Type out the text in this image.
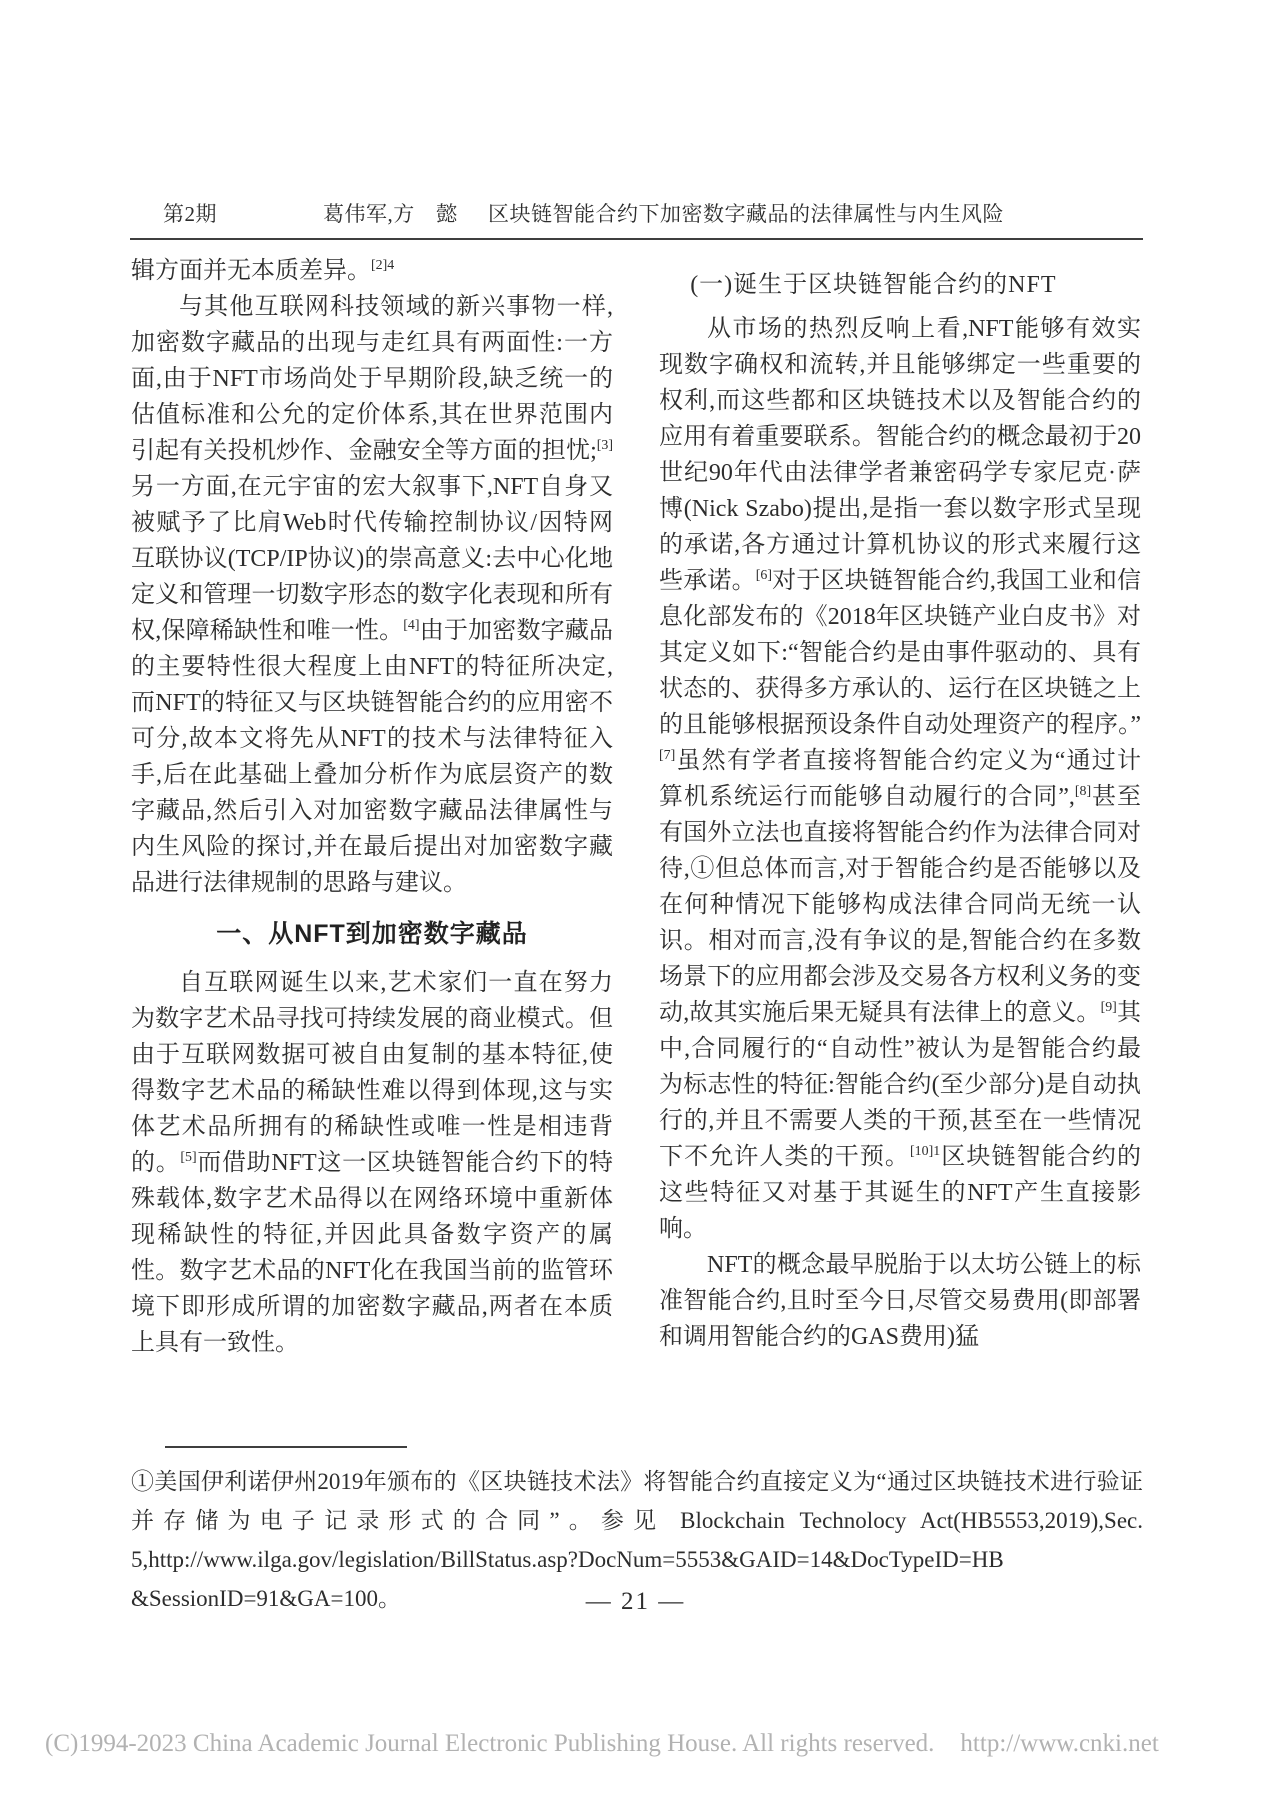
第2期	葛伟军,方　懿 区块链智能合约下加密数字藏品的法律属性与内生风险

辑方面并无本质差异。$^{[2]4}$

与其他互联网科技领域的新兴事物一样,加密数字藏品的出现与走红具有两面性:一方面,由于NFT市场尚处于早期阶段,缺乏统一的估值标准和公允的定价体系,其在世界范围内引起有关投机炒作、金融安全等方面的担忧;[3]另一方面,在元宇宙的宏大叙事下,NFT自身又被赋予了比肩Web时代传输控制协议/因特网互联协议(TCP/IP协议)的崇高意义:去中心化地定义和管理一切数字形态的数字化表现和所有权,保障稀缺性和唯一性。[4]由于加密数字藏品的主要特性很大程度上由NFT的特征所决定,而NFT的特征又与区块链智能合约的应用密不可分,故本文将先从NFT的技术与法律特征入手,后在此基础上叠加分析作为底层资产的数字藏品,然后引入对加密数字藏品法律属性与内生风险的探讨,并在最后提出对加密数字藏品进行法律规制的思路与建议。

一、从NFT到加密数字藏品

自互联网诞生以来,艺术家们一直在努力为数字艺术品寻找可持续发展的商业模式。但由于互联网数据可被自由复制的基本特征,使得数字艺术品的稀缺性难以得到体现,这与实体艺术品所拥有的稀缺性或唯一性是相违背的。[5]而借助NFT这一区块链智能合约下的特殊载体,数字艺术品得以在网络环境中重新体现稀缺性的特征,并因此具备数字资产的属性。数字艺术品的NFT化在我国当前的监管环境下即形成所谓的加密数字藏品,两者在本质上具有一致性。

(一)诞生于区块链智能合约的NFT

从市场的热烈反响上看,NFT能够有效实现数字确权和流转,并且能够绑定一些重要的权利,而这些都和区块链技术以及智能合约的应用有着重要联系。智能合约的概念最初于20世纪90年代由法律学者兼密码学专家尼克·萨博(Nick Szabo)提出,是指一套以数字形式呈现的承诺,各方通过计算机协议的形式来履行这些承诺。[6]对于区块链智能合约,我国工业和信息化部发布的《2018年区块链产业白皮书》对其定义如下:“智能合约是由事件驱动的、具有状态的、获得多方承认的、运行在区块链之上的且能够根据预设条件自动处理资产的程序。”[7]虽然有学者直接将智能合约定义为“通过计算机系统运行而能够自动履行的合同”,[8]甚至有国外立法也直接将智能合约作为法律合同对待,①但总体而言,对于智能合约是否能够以及在何种情况下能够构成法律合同尚无统一认识。相对而言,没有争议的是,智能合约在多数场景下的应用都会涉及交易各方权利义务的变动,故其实施后果无疑具有法律上的意义。[9]其中,合同履行的“自动性”被认为是智能合约最为标志性的特征:智能合约(至少部分)是自动执行的,并且不需要人类的干预,甚至在一些情况下不允许人类的干预。$^{[10]1}$区块链智能合约的这些特征又对基于其诞生的NFT产生直接影响。

NFT的概念最早脱胎于以太坊公链上的标准智能合约,且时至今日,尽管交易费用(即部署和调用智能合约的GAS费用)猛

①美国伊利诺伊州2019年颁布的《区块链技术法》将智能合约直接定义为“通过区块链技术进行验证并存储为电子记录形式的合同”。参见 Blockchain Technolocy Act(HB5553,2019),Sec. 5,http://www.ilga.gov/legislation/BillStatus.asp?DocNum=5553&GAID=14&DocTypeID=HB &SessionID=91&GA=100。	— 21 —
(C)1994-2023 China Academic Journal Electronic Publishing House. All rights reserved. http://www.cnki.net
